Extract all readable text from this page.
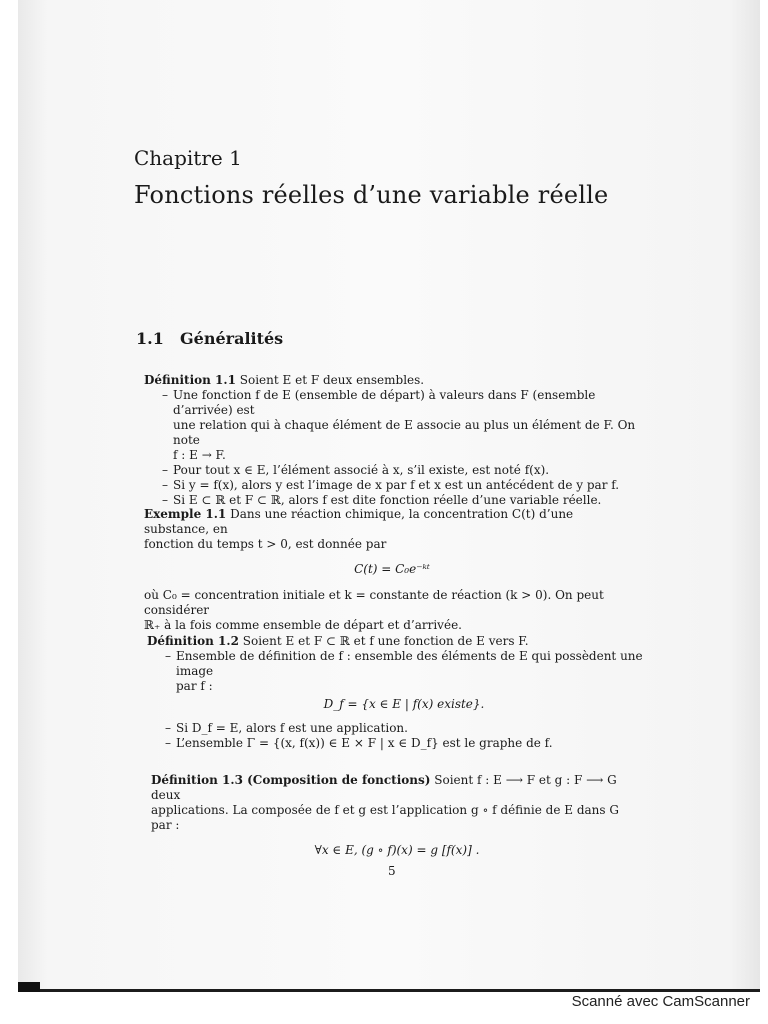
Chapitre 1
Fonctions réelles d’une variable réelle
1.1 Généralités
Définition 1.1 Soient E et F deux ensembles.
– Une fonction f de E (ensemble de départ) à valeurs dans F (ensemble d’arrivée) est
une relation qui à chaque élément de E associe au plus un élément de F. On note
f : E → F.
– Pour tout x ∈ E, l’élément associé à x, s’il existe, est noté f(x).
– Si y = f(x), alors y est l’image de x par f et x est un antécédent de y par f.
– Si E ⊂ ℝ et F ⊂ ℝ, alors f est dite fonction réelle d’une variable réelle.
Exemple 1.1 Dans une réaction chimique, la concentration C(t) d’une substance, en
fonction du temps t > 0, est donnée par
C(t) = C₀e⁻ᵏᵗ
où C₀ = concentration initiale et k = constante de réaction (k > 0). On peut considérer
ℝ₊ à la fois comme ensemble de départ et d’arrivée.
Définition 1.2 Soient E et F ⊂ ℝ et f une fonction de E vers F.
– Ensemble de définition de f : ensemble des éléments de E qui possèdent une image
par f :
D_f = {x ∈ E | f(x) existe}.
– Si D_f = E, alors f est une application.
– L’ensemble Γ = {(x, f(x)) ∈ E × F | x ∈ D_f} est le graphe de f.
Définition 1.3 (Composition de fonctions) Soient f : E ⟶ F et g : F ⟶ G deux
applications. La composée de f et g est l’application g ∘ f définie de E dans G par :
∀x ∈ E, (g ∘ f)(x) = g [f(x)] .
5
Scanné avec CamScanner
